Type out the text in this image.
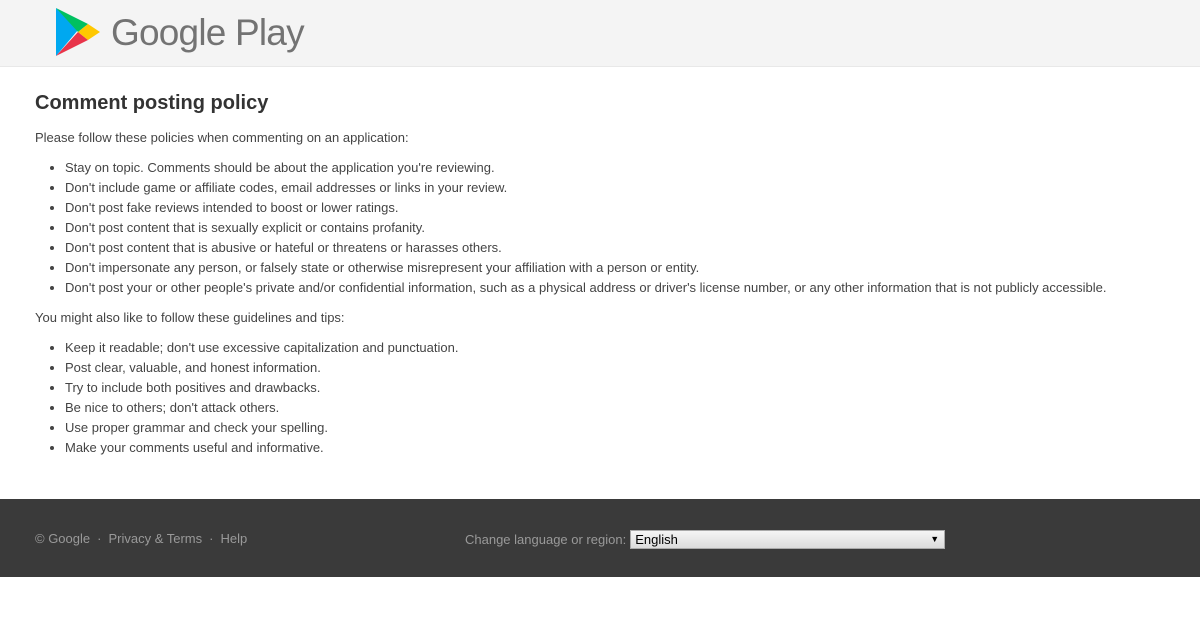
Google Play
Comment posting policy

Please follow these policies when commenting on an application:

• Stay on topic. Comments should be about the application you're reviewing.
• Don't include game or affiliate codes, email addresses or links in your review.
• Don't post fake reviews intended to boost or lower ratings.
• Don't post content that is sexually explicit or contains profanity.
• Don't post content that is abusive or hateful or threatens or harasses others.
• Don't impersonate any person, or falsely state or otherwise misrepresent your affiliation with a person or entity.
• Don't post your or other people's private and/or confidential information, such as a physical address or driver's license number, or any other information that is not publicly accessible.

You might also like to follow these guidelines and tips:

• Keep it readable; don't use excessive capitalization and punctuation.
• Post clear, valuable, and honest information.
• Try to include both positives and drawbacks.
• Be nice to others; don't attack others.
• Use proper grammar and check your spelling.
• Make your comments useful and informative.
© Google · Privacy & Terms · Help	Change language or region: English	▼
